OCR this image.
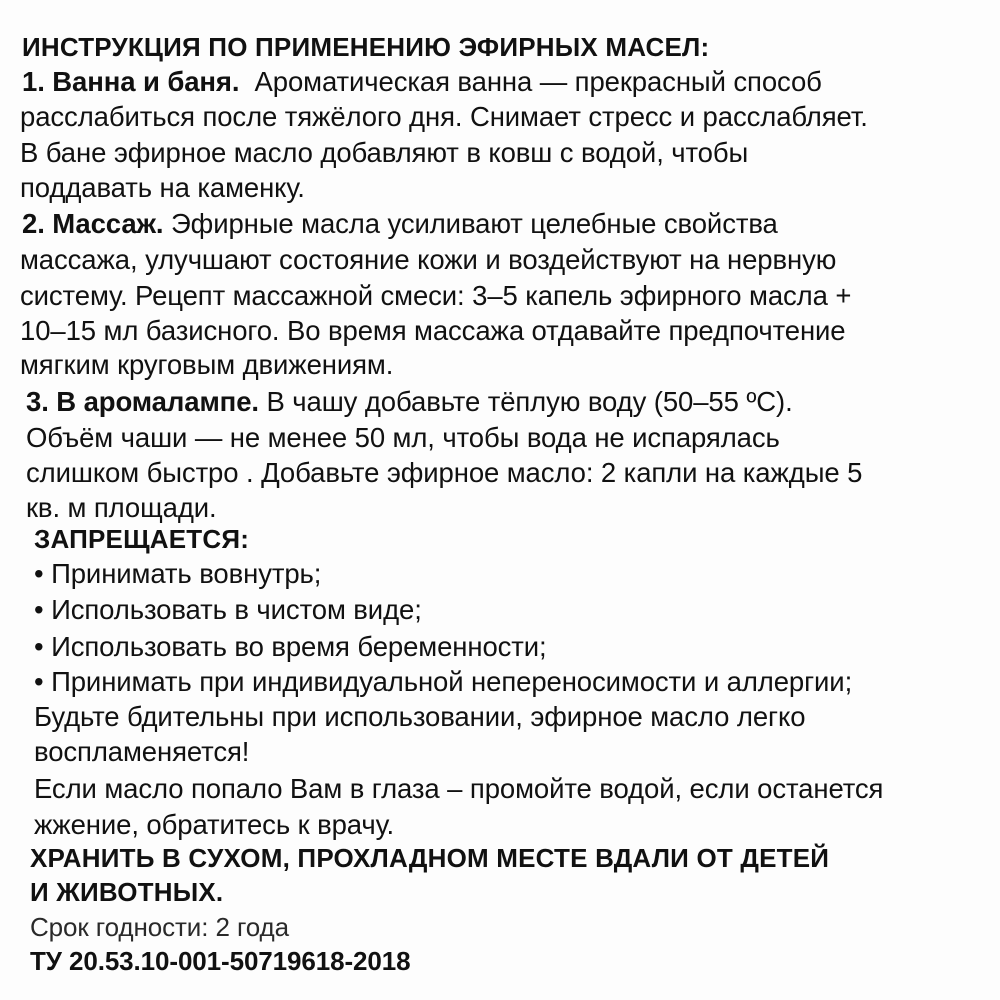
ИНСТРУКЦИЯ ПО ПРИМЕНЕНИЮ ЭФИРНЫХ МАСЕЛ:
1. Ванна и баня. Ароматическая ванна — прекрасный способ
расслабиться после тяжёлого дня. Снимает стресс и расслабляет.
В бане эфирное масло добавляют в ковш с водой, чтобы
поддавать на каменку.
2. Массаж. Эфирные масла усиливают целебные свойства
массажа, улучшают состояние кожи и воздействуют на нервную
систему. Рецепт массажной смеси: 3–5 капель эфирного масла +
10–15 мл базисного. Во время массажа отдавайте предпочтение
мягким круговым движениям.
3. В аромалампе. В чашу добавьте тёплую воду (50–55 ºC).
Объём чаши — не менее 50 мл, чтобы вода не испарялась
слишком быстро . Добавьте эфирное масло: 2 капли на каждые 5
кв. м площади.
ЗАПРЕЩАЕТСЯ:
• Принимать вовнутрь;
• Использовать в чистом виде;
• Использовать во время беременности;
• Принимать при индивидуальной непереносимости и аллергии;
Будьте бдительны при использовании, эфирное масло легко
воспламеняется!
Если масло попало Вам в глаза – промойте водой, если останется
жжение, обратитесь к врачу.
ХРАНИТЬ В СУХОМ, ПРОХЛАДНОМ МЕСТЕ ВДАЛИ ОТ ДЕТЕЙ
И ЖИВОТНЫХ.
Срок годности: 2 года
ТУ 20.53.10-001-50719618-2018
